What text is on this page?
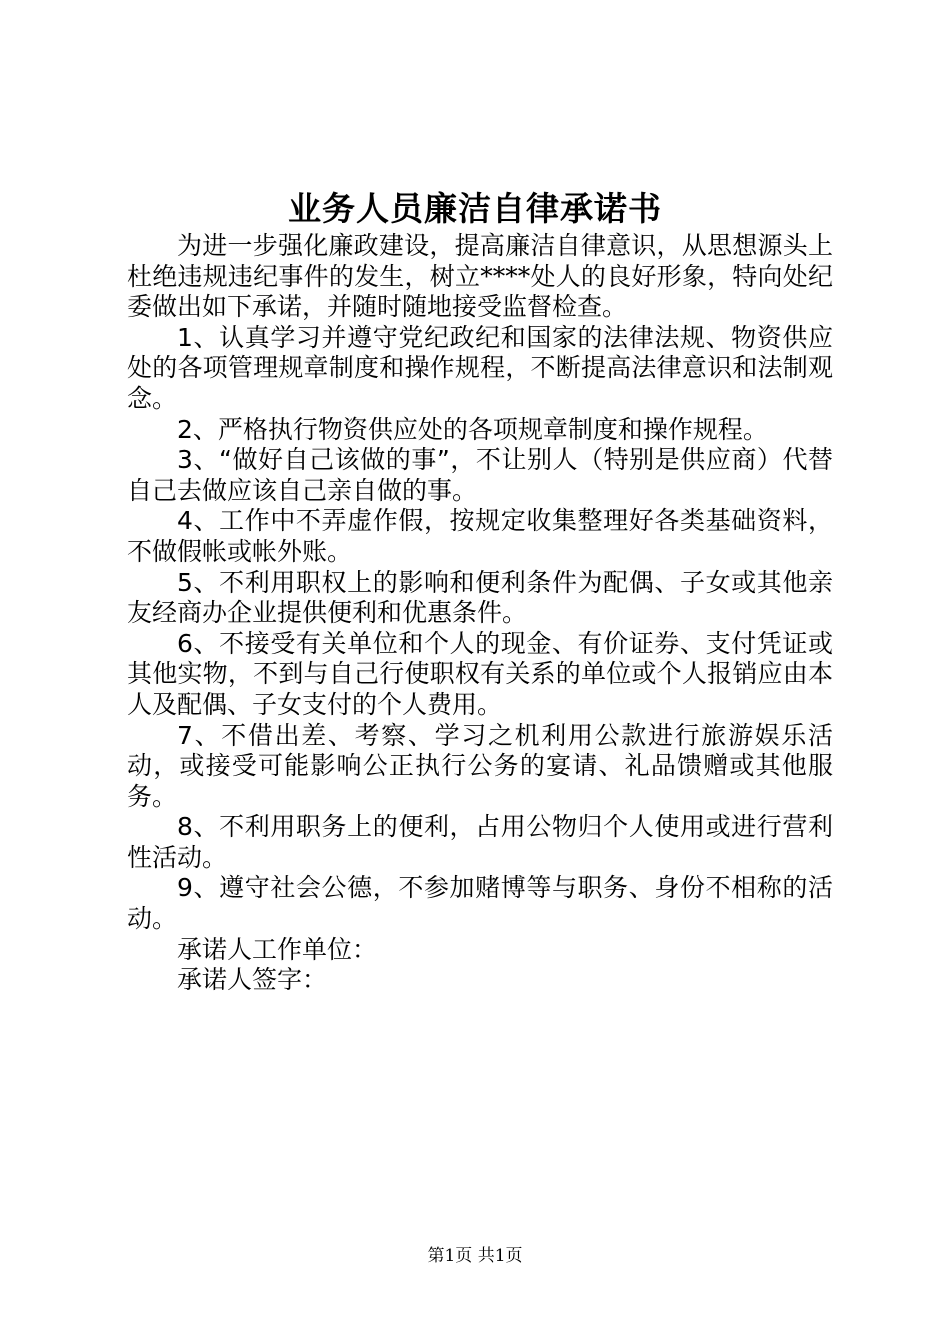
业务人员廉洁自律承诺书

为进一步强化廉政建设，提高廉洁自律意识，从思想源头上杜绝违规违纪事件的发生，树立****处人的良好形象，特向处纪委做出如下承诺，并随时随地接受监督检查。

1、认真学习并遵守党纪政纪和国家的法律法规、物资供应处的各项管理规章制度和操作规程，不断提高法律意识和法制观念。

2、严格执行物资供应处的各项规章制度和操作规程。

3、“做好自己该做的事”，不让别人（特别是供应商）代替自己去做应该自己亲自做的事。

4、工作中不弄虚作假，按规定收集整理好各类基础资料，不做假帐或帐外账。

5、不利用职权上的影响和便利条件为配偶、子女或其他亲友经商办企业提供便利和优惠条件。

6、不接受有关单位和个人的现金、有价证券、支付凭证或其他实物，不到与自己行使职权有关系的单位或个人报销应由本人及配偶、子女支付的个人费用。

7、不借出差、考察、学习之机利用公款进行旅游娱乐活动，或接受可能影响公正执行公务的宴请、礼品馈赠或其他服务。

8、不利用职务上的便利，占用公物归个人使用或进行营利性活动。

9、遵守社会公德，不参加赌博等与职务、身份不相称的活动。

承诺人工作单位：

承诺人签字：

第1页 共1页
